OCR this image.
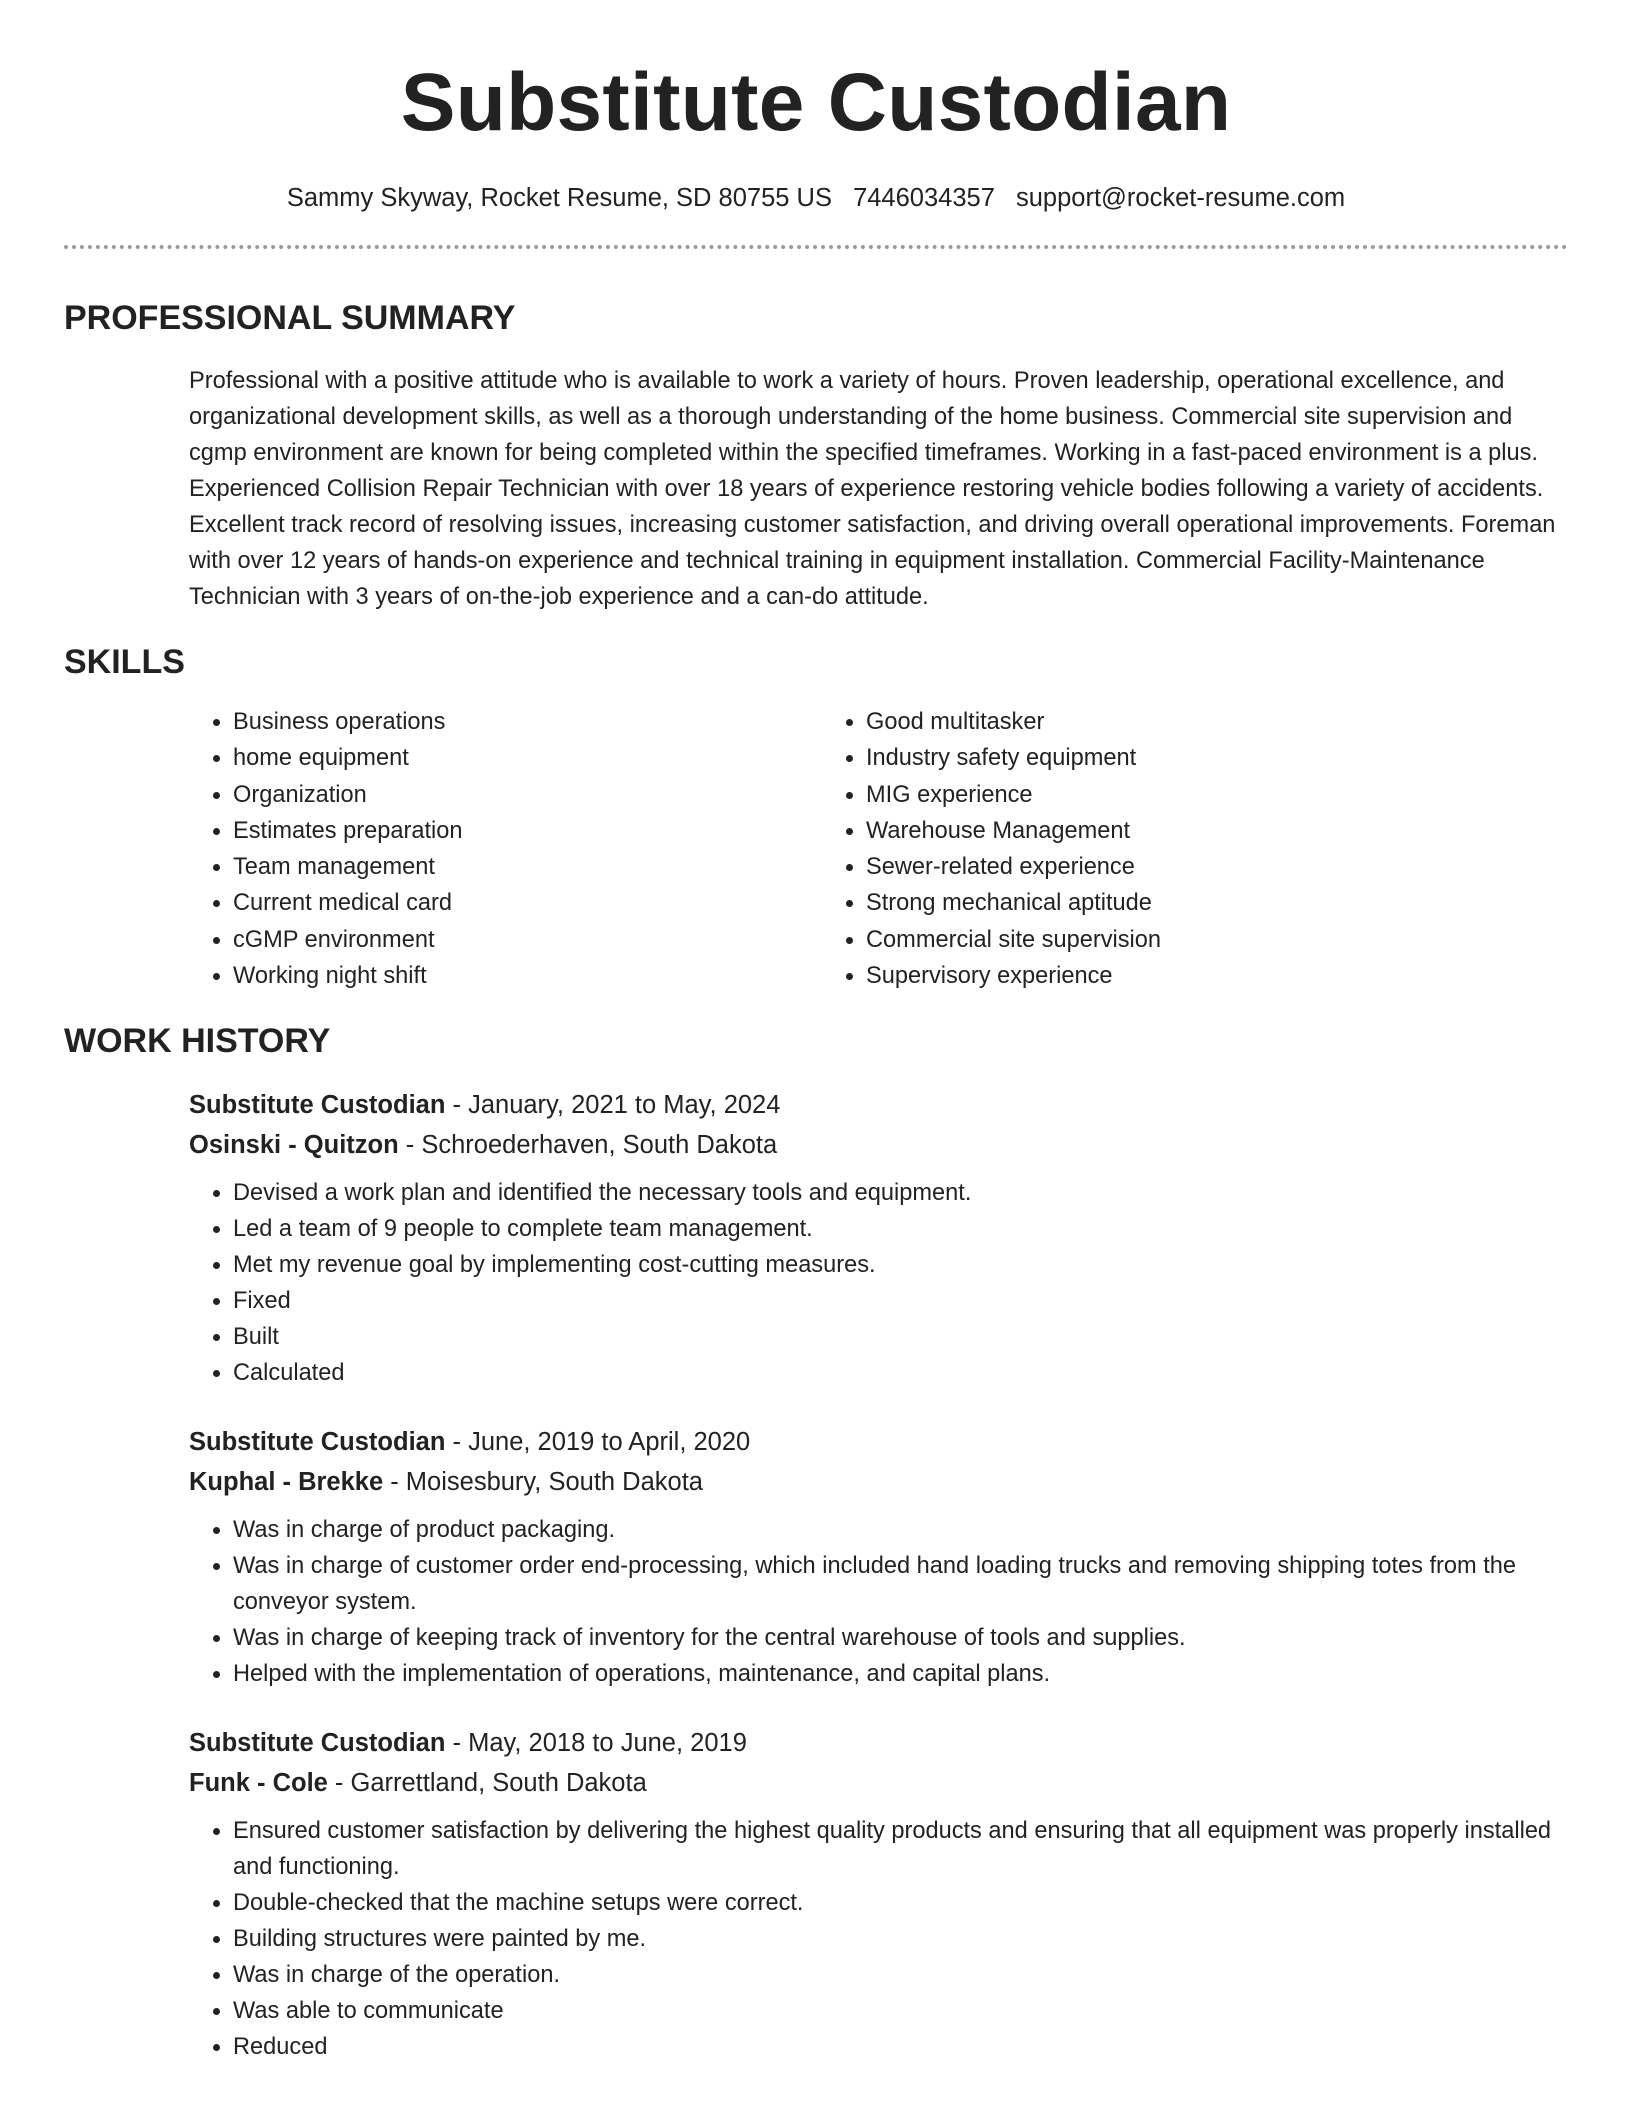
Substitute Custodian
Sammy Skyway, Rocket Resume, SD 80755 US 7446034357 support@rocket-resume.com
PROFESSIONAL SUMMARY

Professional with a positive attitude who is available to work a variety of hours. Proven leadership, operational excellence, and organizational development skills, as well as a thorough understanding of the home business. Commercial site supervision and cgmp environment are known for being completed within the specified timeframes. Working in a fast-paced environment is a plus. Experienced Collision Repair Technician with over 18 years of experience restoring vehicle bodies following a variety of accidents. Excellent track record of resolving issues, increasing customer satisfaction, and driving overall operational improvements. Foreman with over 12 years of hands-on experience and technical training in equipment installation. Commercial Facility-Maintenance Technician with 3 years of on-the-job experience and a can-do attitude.

SKILLS
• Business operations
• home equipment
• Organization
• Estimates preparation
• Team management
• Current medical card
• cGMP environment
• Working night shift
• Good multitasker
• Industry safety equipment
• MIG experience
• Warehouse Management
• Sewer-related experience
• Strong mechanical aptitude
• Commercial site supervision
• Supervisory experience
WORK HISTORY
Substitute Custodian - January, 2021 to May, 2024
Osinski - Quitzon - Schroederhaven, South Dakota
• Devised a work plan and identified the necessary tools and equipment.
• Led a team of 9 people to complete team management.
• Met my revenue goal by implementing cost-cutting measures.
• Fixed
• Built
• Calculated
Substitute Custodian - June, 2019 to April, 2020
Kuphal - Brekke - Moisesbury, South Dakota
• Was in charge of product packaging.
• Was in charge of customer order end-processing, which included hand loading trucks and removing shipping totes from the conveyor system.
• Was in charge of keeping track of inventory for the central warehouse of tools and supplies.
• Helped with the implementation of operations, maintenance, and capital plans.
Substitute Custodian - May, 2018 to June, 2019
Funk - Cole - Garrettland, South Dakota
• Ensured customer satisfaction by delivering the highest quality products and ensuring that all equipment was properly installed and functioning.
• Double-checked that the machine setups were correct.
• Building structures were painted by me.
• Was in charge of the operation.
• Was able to communicate
• Reduced
